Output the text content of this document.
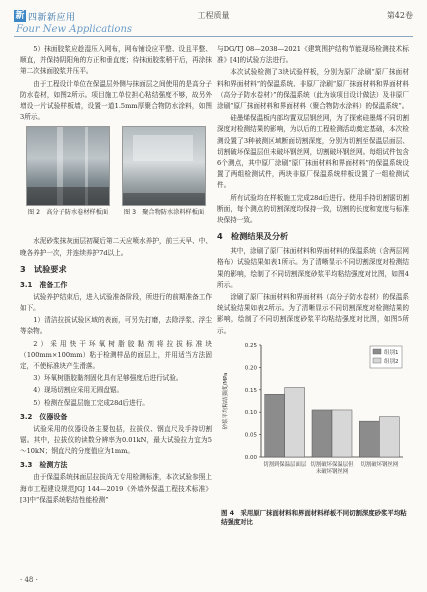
新 四新新应用
Four New Applications
工程质量	第42卷

5）抹面胶浆应趁湿压入网布，网布铺设应平整、设且平整、顺直，并保持阴阳角的方正和垂直度；待抹面胶浆稍干后，再涂抹第二次抹面胶浆并压平。

由于工程设计单位在保温层外侧与抹面层之间使用的是高分子防水卷材，如图2所示。项目施工单位担心粘结强度不够，故另外增设一片试验样板墙，设置一道1.5mm厚聚合物防水涂料，如图3所示。

图 2　高分子防水卷材样板面	图 3　聚合物防水涂料样板面

水泥砂浆抹灰面层初凝后第二天应喷水养护，前三天早、中、晚各养护一次，并连续养护7d以上。

3　试验要求
3.1　准备工作

试验养护结束后，进入试验准备阶段，所进行的前期准备工作如下。

1）清洁拉拔试验区域的表面，可另先打磨，去除浮浆、浮尘等杂物。

2）采用快干环氧树脂胶黏剂将拉拔标准块（100mm×100mm）粘于检测样品的面层上，并用适当方法固定，不使标准块产生滑落。

3）环氧树脂胶黏剂固化具有足够强度后进行试验。

4）现场切割应采用无圆盘锯。

5）检测在保温层施工完成28d后进行。

3.2　仪器设备

试验采用的仪器设备主要包括，拉拔仪、钢直尺及手持切割锯。其中，拉拔仪的读数分辨率为0.01kN，最大试验拉力宜为5～10kN；钢直尺的分度值应为1mm。

3.3　检测方法

由于保温系统抹面层拉拔尚无专用检测标准，本次试验参照上海市工程建设规范JGJ 144—2019《外墙外保温工程技术标准》[3]中“保温系统粘结性能检测”

与DG/TJ 08—2038—2021《建筑围护结构节能现场检测技术标准》[4]的试验方法进行。

本次试验检测了3块试验样板，分别为原厂涂刷“原厂抹面材料和界面材料”的保温系统、非原厂涂刷“原厂抹面材料和界面材料（高分子防水卷材）”的保温系统（此为该项目设计做法）及非原厂涂刷“原厂抹面材料和界面材料（聚合物防水涂料）的保温系统”。

硅墨烯保温板内部均置双层钢丝网，为了探索硅墨烯不同切割深度对检测结果的影响，为以后的工程检测活动奠定基础，本次检测设置了3种被测区域断面切割深度，分别为切割至保温层面层、切割破坏保温层但未破坏钢丝网，切割破坏钢丝网。每组试件包含6个测点，其中原厂涂刷“原厂抹面材料和界面材料”的保温系统设置了两组检测试件，两块非原厂保温系统样板设置了一组检测试件。

所有试验均在样板施工完成28d后进行。使用手持切割锯切割断面，每个测点的切割深度均保持一致，切割的长度和宽度与标准块保持一致。

4　检测结果及分析

其中，涂刷了原厂抹面材料和界面材料的保温系统（含两层网格布）试验结果如表1所示。为了清晰显示不同切割深度对检测结果的影响，绘制了不同切割深度砂浆平均粘结强度对比图，如图4所示。

涂刷了原厂抹面材料和界面材料（高分子防水卷材）的保温系统试验结果如表2所示。为了清晰显示不同切割深度对检测结果的影响，绘制了不同切割深度砂浆平均粘结强度对比图，如图5所示。

0.00
0.05
0.10
0.15
0.20
0.25
砂浆平均粘结强度/MPa
切割到保温层面层 切割破坏保温层但
未破坏钢丝网
切割破坏钢丝网
组别1
组别2
图 4　采用原厂抹面材料和界面材料样板不同切割深度砂浆平均粘结强度对比
· 48 ·
